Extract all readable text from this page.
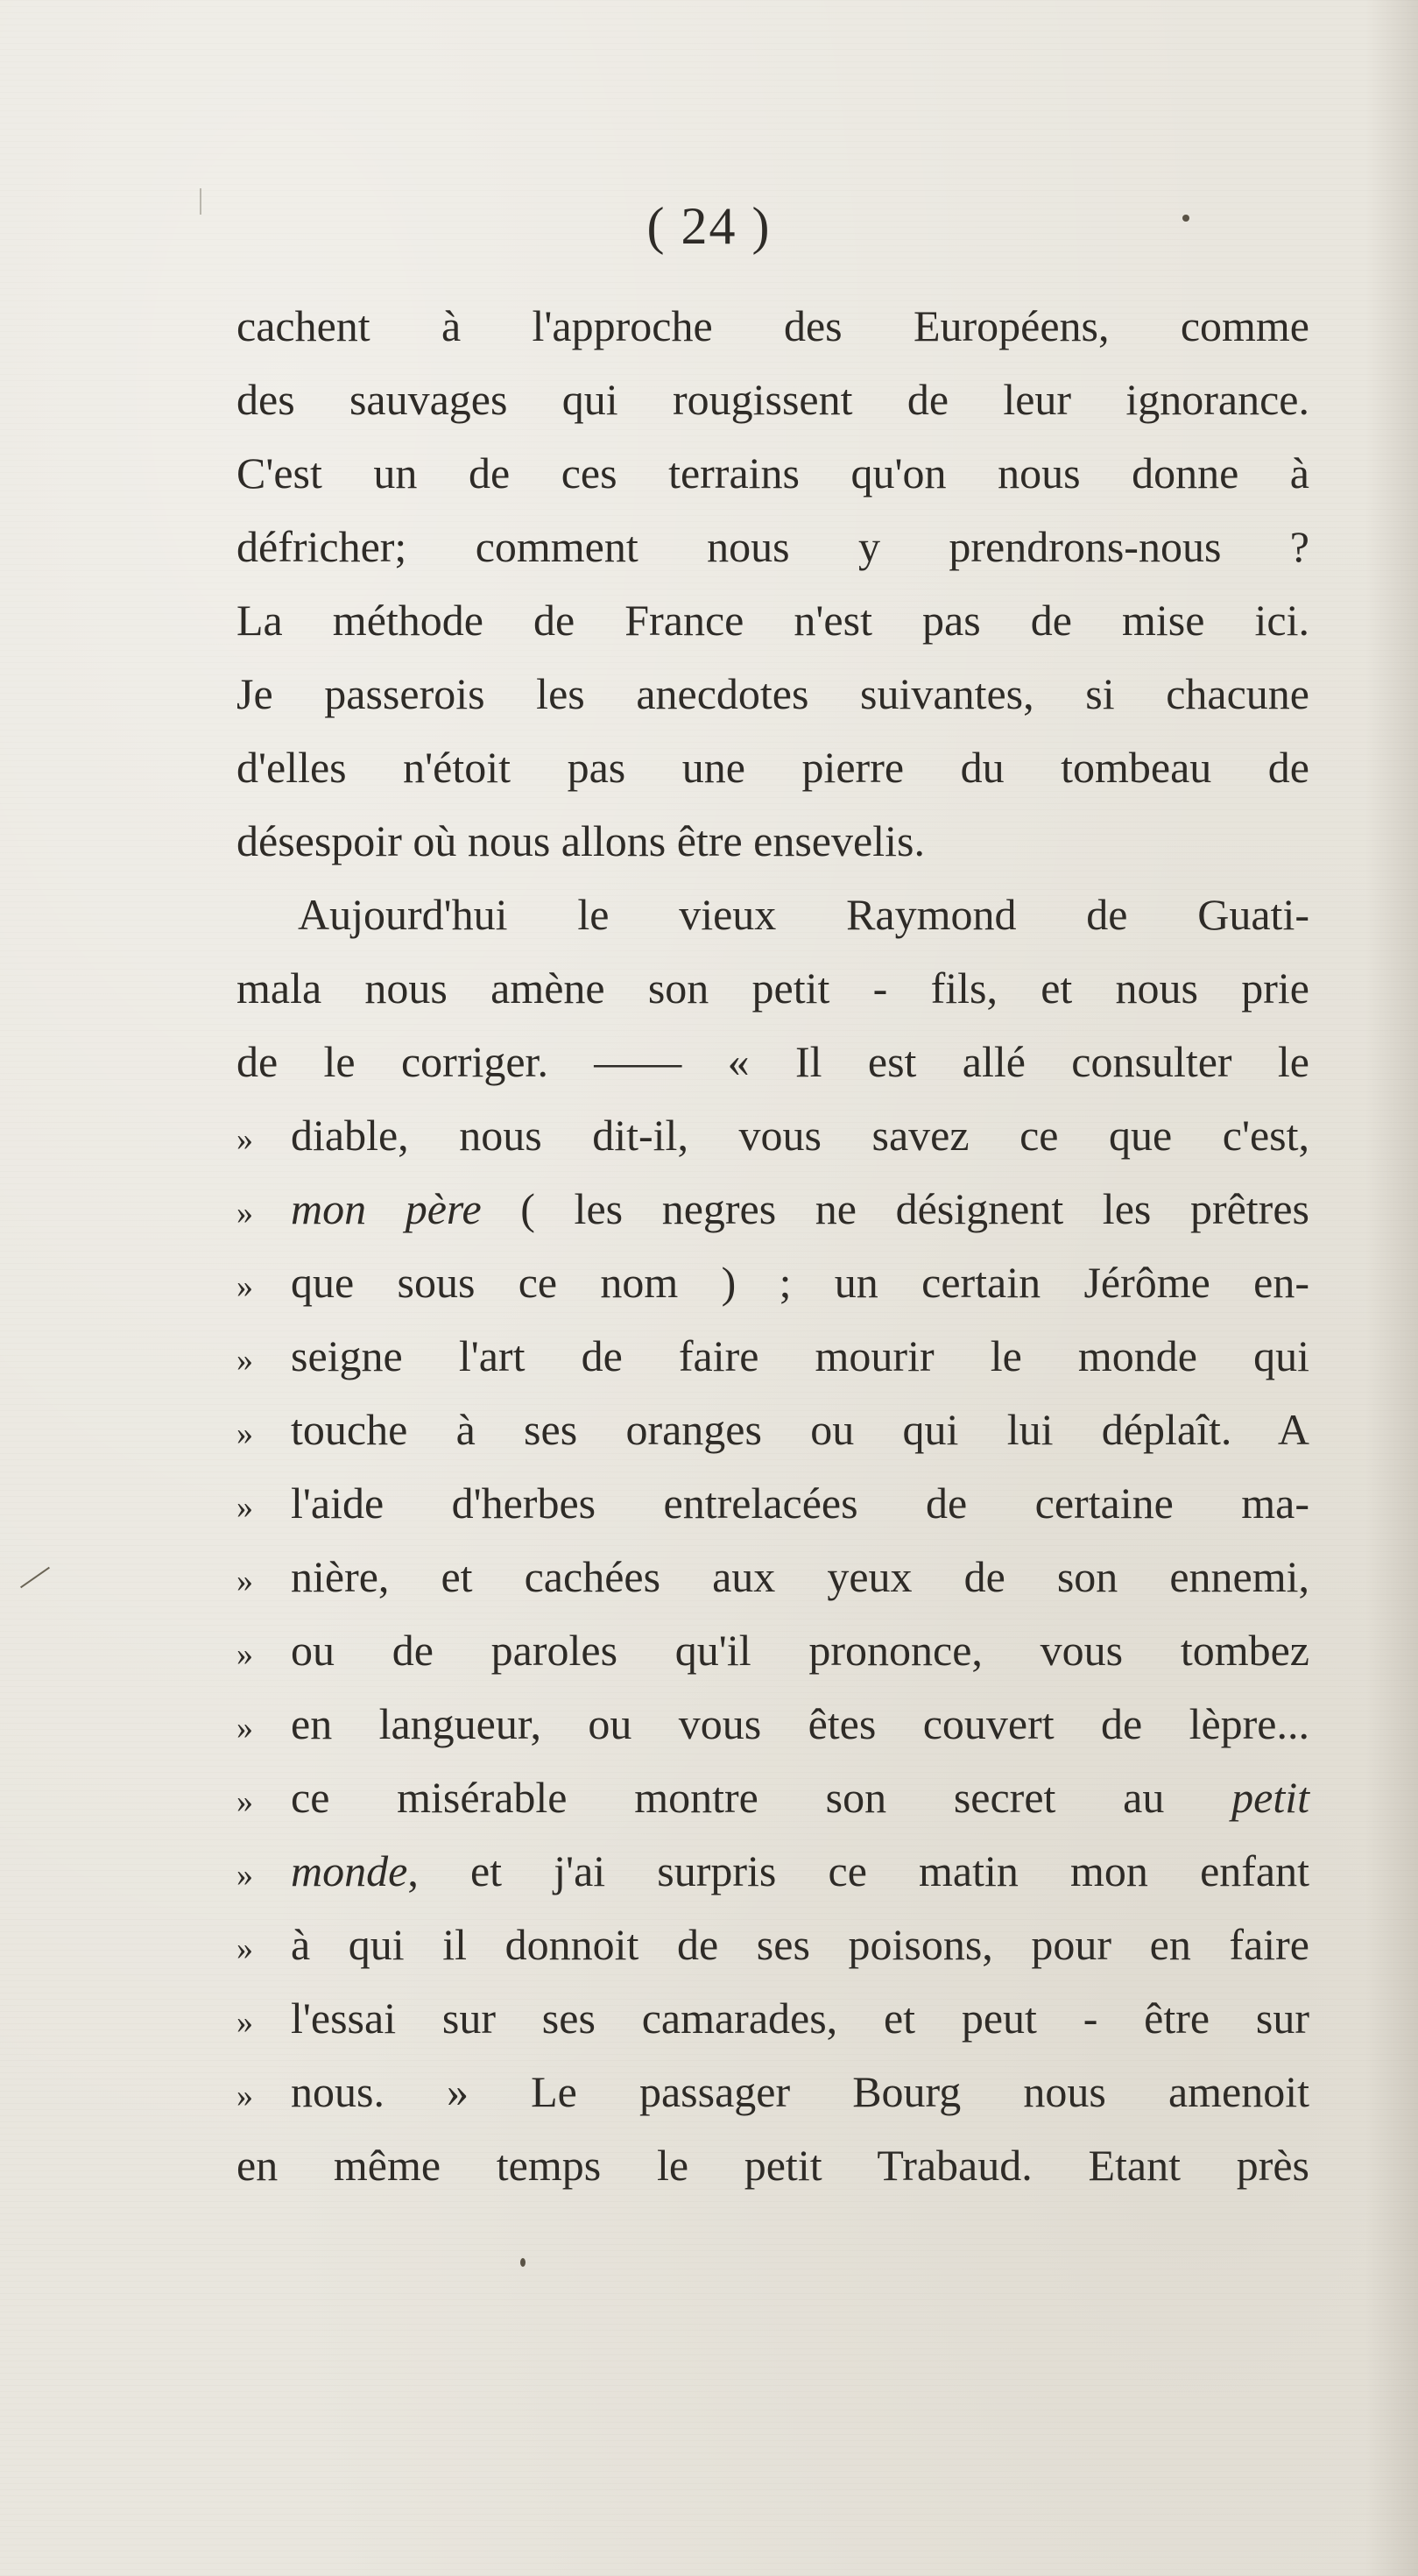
( 24 )
cachent à l'approche des Européens, comme
des sauvages qui rougissent de leur ignorance.
C'est un de ces terrains qu'on nous donne à
défricher; comment nous y prendrons-nous ?
La méthode de France n'est pas de mise ici.
Je passerois les anecdotes suivantes, si chacune
d'elles n'étoit pas une pierre du tombeau de
désespoir où nous allons être ensevelis.
Aujourd'hui le vieux Raymond de Guati-
mala nous amène son petit - fils, et nous prie
de le corriger. —— « Il est allé consulter le
» diable, nous dit-il, vous savez ce que c'est,
» mon père ( les negres ne désignent les prêtres
» que sous ce nom ) ; un certain Jérôme en-
» seigne l'art de faire mourir le monde qui
» touche à ses oranges ou qui lui déplaît. A
» l'aide d'herbes entrelacées de certaine ma-
» nière, et cachées aux yeux de son ennemi,
» ou de paroles qu'il prononce, vous tombez
» en langueur, ou vous êtes couvert de lèpre...
» ce misérable montre son secret au petit
» monde, et j'ai surpris ce matin mon enfant
» à qui il donnoit de ses poisons, pour en faire
» l'essai sur ses camarades, et peut - être sur
» nous. » Le passager Bourg nous amenoit
en même temps le petit Trabaud. Etant près
